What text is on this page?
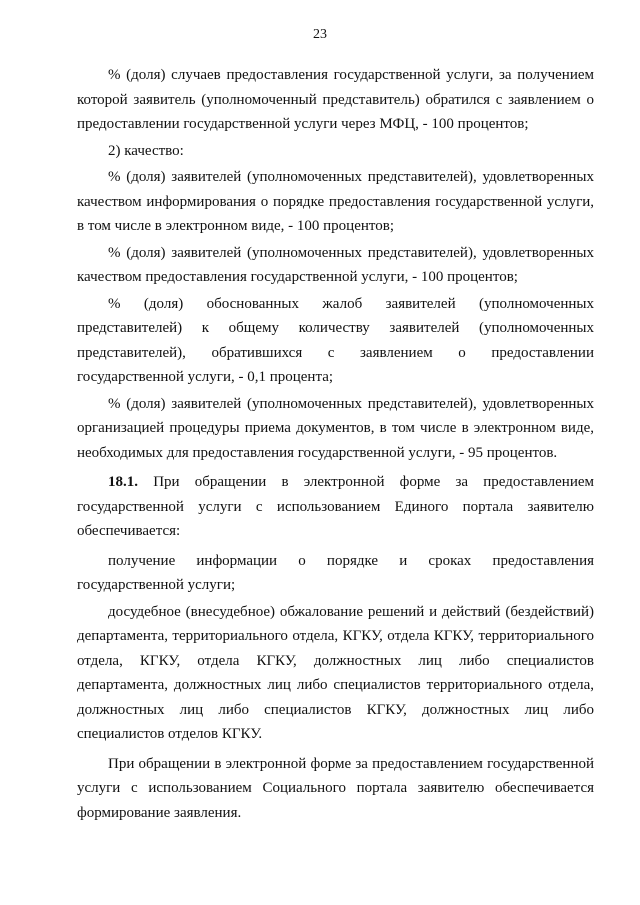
23

% (доля) случаев предоставления государственной услуги, за получением которой заявитель (уполномоченный представитель) обратился с заявлением о предоставлении государственной услуги через МФЦ, - 100 процентов;

2) качество:

% (доля) заявителей (уполномоченных представителей), удовлетворенных качеством информирования о порядке предоставления государственной услуги, в том числе в электронном виде, - 100 процентов;

% (доля) заявителей (уполномоченных представителей), удовлетворенных качеством предоставления государственной услуги, - 100 процентов;

% (доля) обоснованных жалоб заявителей (уполномоченных представителей) к общему количеству заявителей (уполномоченных представителей), обратившихся с заявлением о предоставлении государственной услуги, - 0,1 процента;

% (доля) заявителей (уполномоченных представителей), удовлетворенных организацией процедуры приема документов, в том числе в электронном виде, необходимых для предоставления государственной услуги, - 95 процентов.

18.1. При обращении в электронной форме за предоставлением государственной услуги с использованием Единого портала заявителю обеспечивается:

получение информации о порядке и сроках предоставления государственной услуги;

досудебное (внесудебное) обжалование решений и действий (бездействий) департамента, территориального отдела, КГКУ, отдела КГКУ, территориального отдела, КГКУ, отдела КГКУ, должностных лиц либо специалистов департамента, должностных лиц либо специалистов территориального отдела, должностных лиц либо специалистов КГКУ, должностных лиц либо специалистов отделов КГКУ.

При обращении в электронной форме за предоставлением государственной услуги с использованием Социального портала заявителю обеспечивается формирование заявления.
